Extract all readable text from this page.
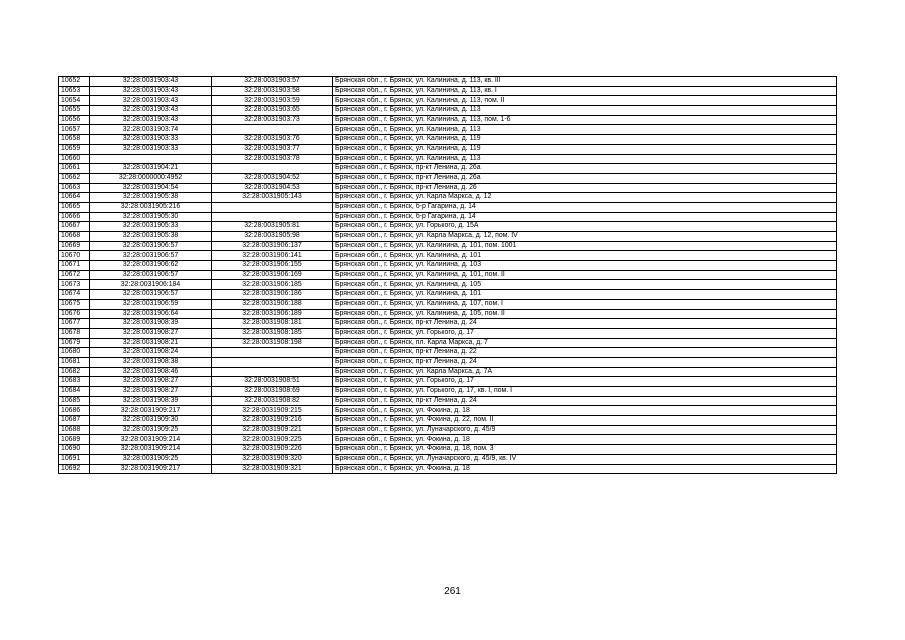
10652	32:28:0031903:43	32:28:0031903:57	Брянская обл., г. Брянск, ул. Калинина, д. 113, кв. III
10653	32:28:0031903:43	32:28:0031903:58	Брянская обл., г. Брянск, ул. Калинина, д. 113, кв. I
10654	32:28:0031903:43	32:28:0031903:59	Брянская обл., г. Брянск, ул. Калинина, д. 113, пом. II
10655	32:28:0031903:43	32:28:0031903:65	Брянская обл., г. Брянск, ул. Калинина, д. 113
10656	32:28:0031903:43	32:28:0031903:73	Брянская обл., г. Брянск, ул. Калинина, д. 113, пом. 1-6
10657	32:28:0031903:74		Брянская обл., г. Брянск, ул. Калинина, д. 113
10658	32:28:0031903:33	32:28:0031903:76	Брянская обл., г. Брянск, ул. Калинина, д. 119
10659	32:28:0031903:33	32:28:0031903:77	Брянская обл., г. Брянск, ул. Калинина, д. 119
10660		32:28:0031903:78	Брянская обл., г. Брянск, ул. Калинина, д. 113
10661	32:28:0031904:21		Брянская обл., г. Брянск, пр-кт Ленина, д. 26а
10662	32:28:0000000:4952	32:28:0031904:52	Брянская обл., г. Брянск, пр-кт Ленина, д. 26а
10663	32:28:0031904:54	32:28:0031904:53	Брянская обл., г. Брянск, пр-кт Ленина, д. 26
10664	32:28:0031905:38	32:28:0031905:143	Брянская обл., г. Брянск, ул. Карла Маркса, д. 12
10665	32:28:0031905:216		Брянская обл., г. Брянск, б-р Гагарина, д. 14
10666	32:28:0031905:30		Брянская обл., г. Брянск, б-р Гагарина, д. 14
10667	32:28:0031905:33	32:28:0031905:81	Брянская обл., г. Брянск, ул. Горького, д. 15А
10668	32:28:0031905:38	32:28:0031905:98	Брянская обл., г. Брянск, ул. Карла Маркса, д. 12, пом. IV
10669	32:28:0031906:57	32:28:0031906:137	Брянская обл., г. Брянск, ул. Калинина, д. 101, пом. 1001
10670	32:28:0031906:57	32:28:0031906:141	Брянская обл., г. Брянск, ул. Калинина, д. 101
10671	32:28:0031906:62	32:28:0031906:155	Брянская обл., г. Брянск, ул. Калинина, д. 103
10672	32:28:0031906:57	32:28:0031906:169	Брянская обл., г. Брянск, ул. Калинина, д. 101, пом. II
10673	32:28:0031906:184	32:28:0031906:185	Брянская обл., г. Брянск, ул. Калинина, д. 105
10674	32:28:0031906:57	32:28:0031906:186	Брянская обл., г. Брянск, ул. Калинина, д. 101
10675	32:28:0031906:59	32:28:0031906:188	Брянская обл., г. Брянск, ул. Калинина, д. 107, пом. I
10676	32:28:0031906:64	32:28:0031906:189	Брянская обл., г. Брянск, ул. Калинина, д. 105, пом. II
10677	32:28:0031908:39	32:28:0031908:181	Брянская обл., г. Брянск, пр-кт Ленина, д. 24
10678	32:28:0031908:27	32:28:0031908:185	Брянская обл., г. Брянск, ул. Горького, д. 17
10679	32:28:0031908:21	32:28:0031908:198	Брянская обл., г. Брянск, пл. Карла Маркса, д. 7
10680	32:28:0031908:24		Брянская обл., г. Брянск, пр-кт Ленина, д. 22
10681	32:28:0031908:38		Брянская обл., г. Брянск, пр-кт Ленина, д. 24
10682	32:28:0031908:46		Брянская обл., г. Брянск, ул. Карла Маркса, д. 7А
10683	32:28:0031908:27	32:28:0031908:51	Брянская обл., г. Брянск, ул. Горького, д. 17
10684	32:28:0031908:27	32:28:0031908:69	Брянская обл., г. Брянск, ул. Горького, д. 17, кв. I, пом. I
10685	32:28:0031908:39	32:28:0031908:82	Брянская обл., г. Брянск, пр-кт Ленина, д. 24
10686	32:28:0031909:217	32:28:0031909:215	Брянская обл., г. Брянск, ул. Фокина, д. 18
10687	32:28:0031909:30	32:28:0031909:216	Брянская обл., г. Брянск, ул. Фокина, д. 22, пом. II
10688	32:28:0031909:25	32:28:0031909:221	Брянская обл., г. Брянск, ул. Луначарского, д. 45/9
10689	32:28:0031909:214	32:28:0031909:225	Брянская обл., г. Брянск, ул. Фокина, д. 18
10690	32:28:0031909:214	32:28:0031909:226	Брянская обл., г. Брянск, ул. Фокина, д. 18, пом. 3
10691	32:28:0031909:25	32:28:0031909:320	Брянская обл., г. Брянск, ул. Луначарского, д. 45/9, кв. IV
10692	32:28:0031909:217	32:28:0031909:321	Брянская обл., г. Брянск, ул. Фокина, д. 18
261
